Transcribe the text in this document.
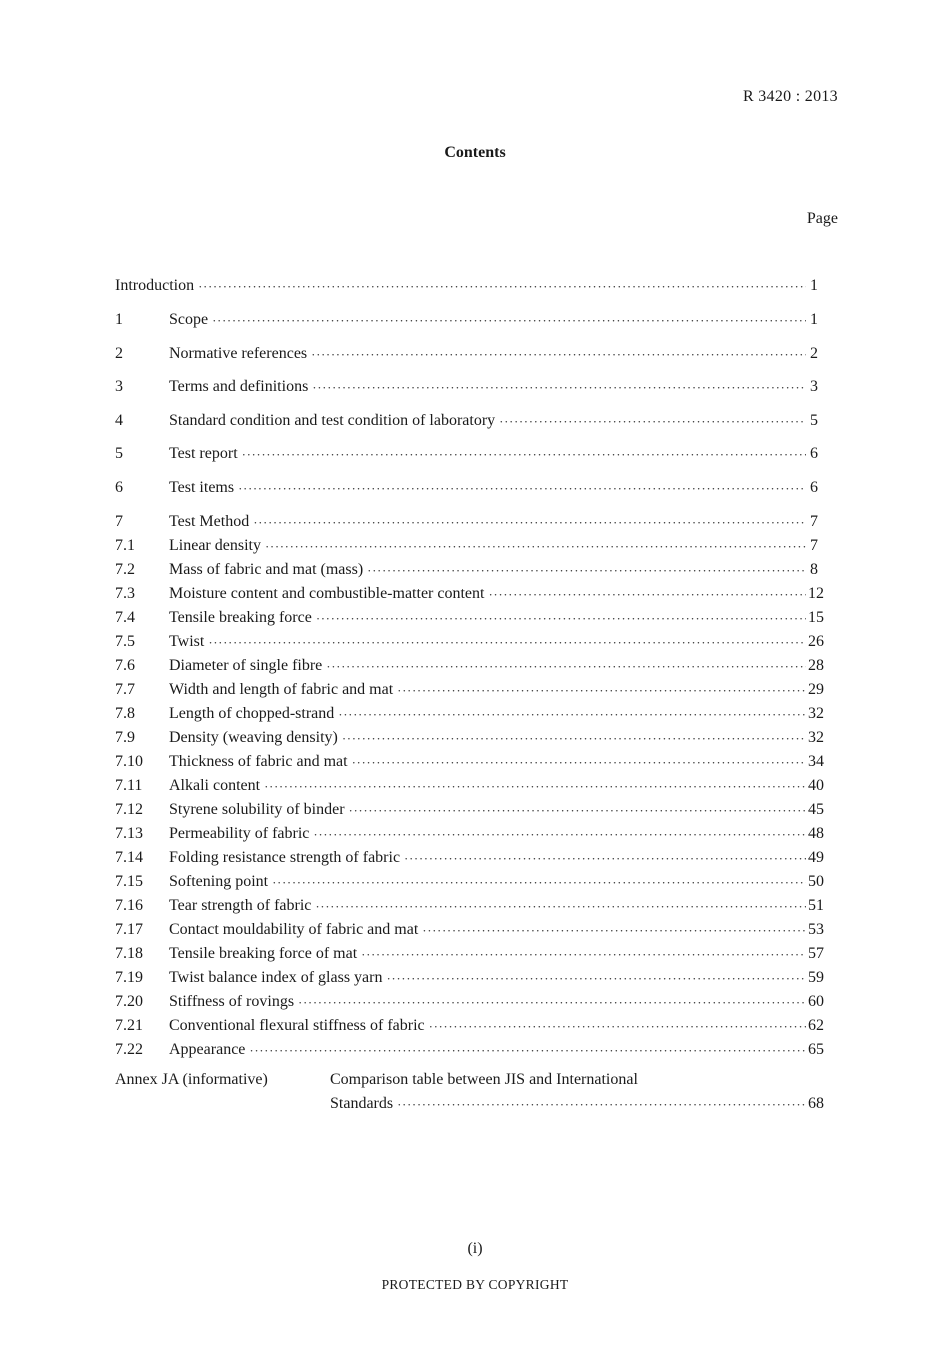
R 3420 : 2013
Contents
Page
Introduction ·····	1
1	Scope ·····	1
2	Normative references ·····	2
3	Terms and definitions ·····	3
4	Standard condition and test condition of laboratory ·····	5
5	Test report ·····	6
6	Test items ·····	6
7	Test Method ·····	7
7.1	Linear density ·····	7
7.2	Mass of fabric and mat (mass) ·····	8
7.3	Moisture content and combustible-matter content ·····	12
7.4	Tensile breaking force ·····	15
7.5	Twist ·····	26
7.6	Diameter of single fibre ·····	28
7.7	Width and length of fabric and mat ·····	29
7.8	Length of chopped-strand ·····	32
7.9	Density (weaving density) ·····	32
7.10	Thickness of fabric and mat ·····	34
7.11	Alkali content ·····	40
7.12	Styrene solubility of binder ·····	45
7.13	Permeability of fabric ·····	48
7.14	Folding resistance strength of fabric ·····	49
7.15	Softening point ·····	50
7.16	Tear strength of fabric ·····	51
7.17	Contact mouldability of fabric and mat ·····	53
7.18	Tensile breaking force of mat ·····	57
7.19	Twist balance index of glass yarn ·····	59
7.20	Stiffness of rovings ·····	60
7.21	Conventional flexural stiffness of fabric ·····	62
7.22	Appearance ·····	65
Annex JA (informative)	Comparison table between JIS and International
Standards ·····	68
(i)
PROTECTED BY COPYRIGHT
